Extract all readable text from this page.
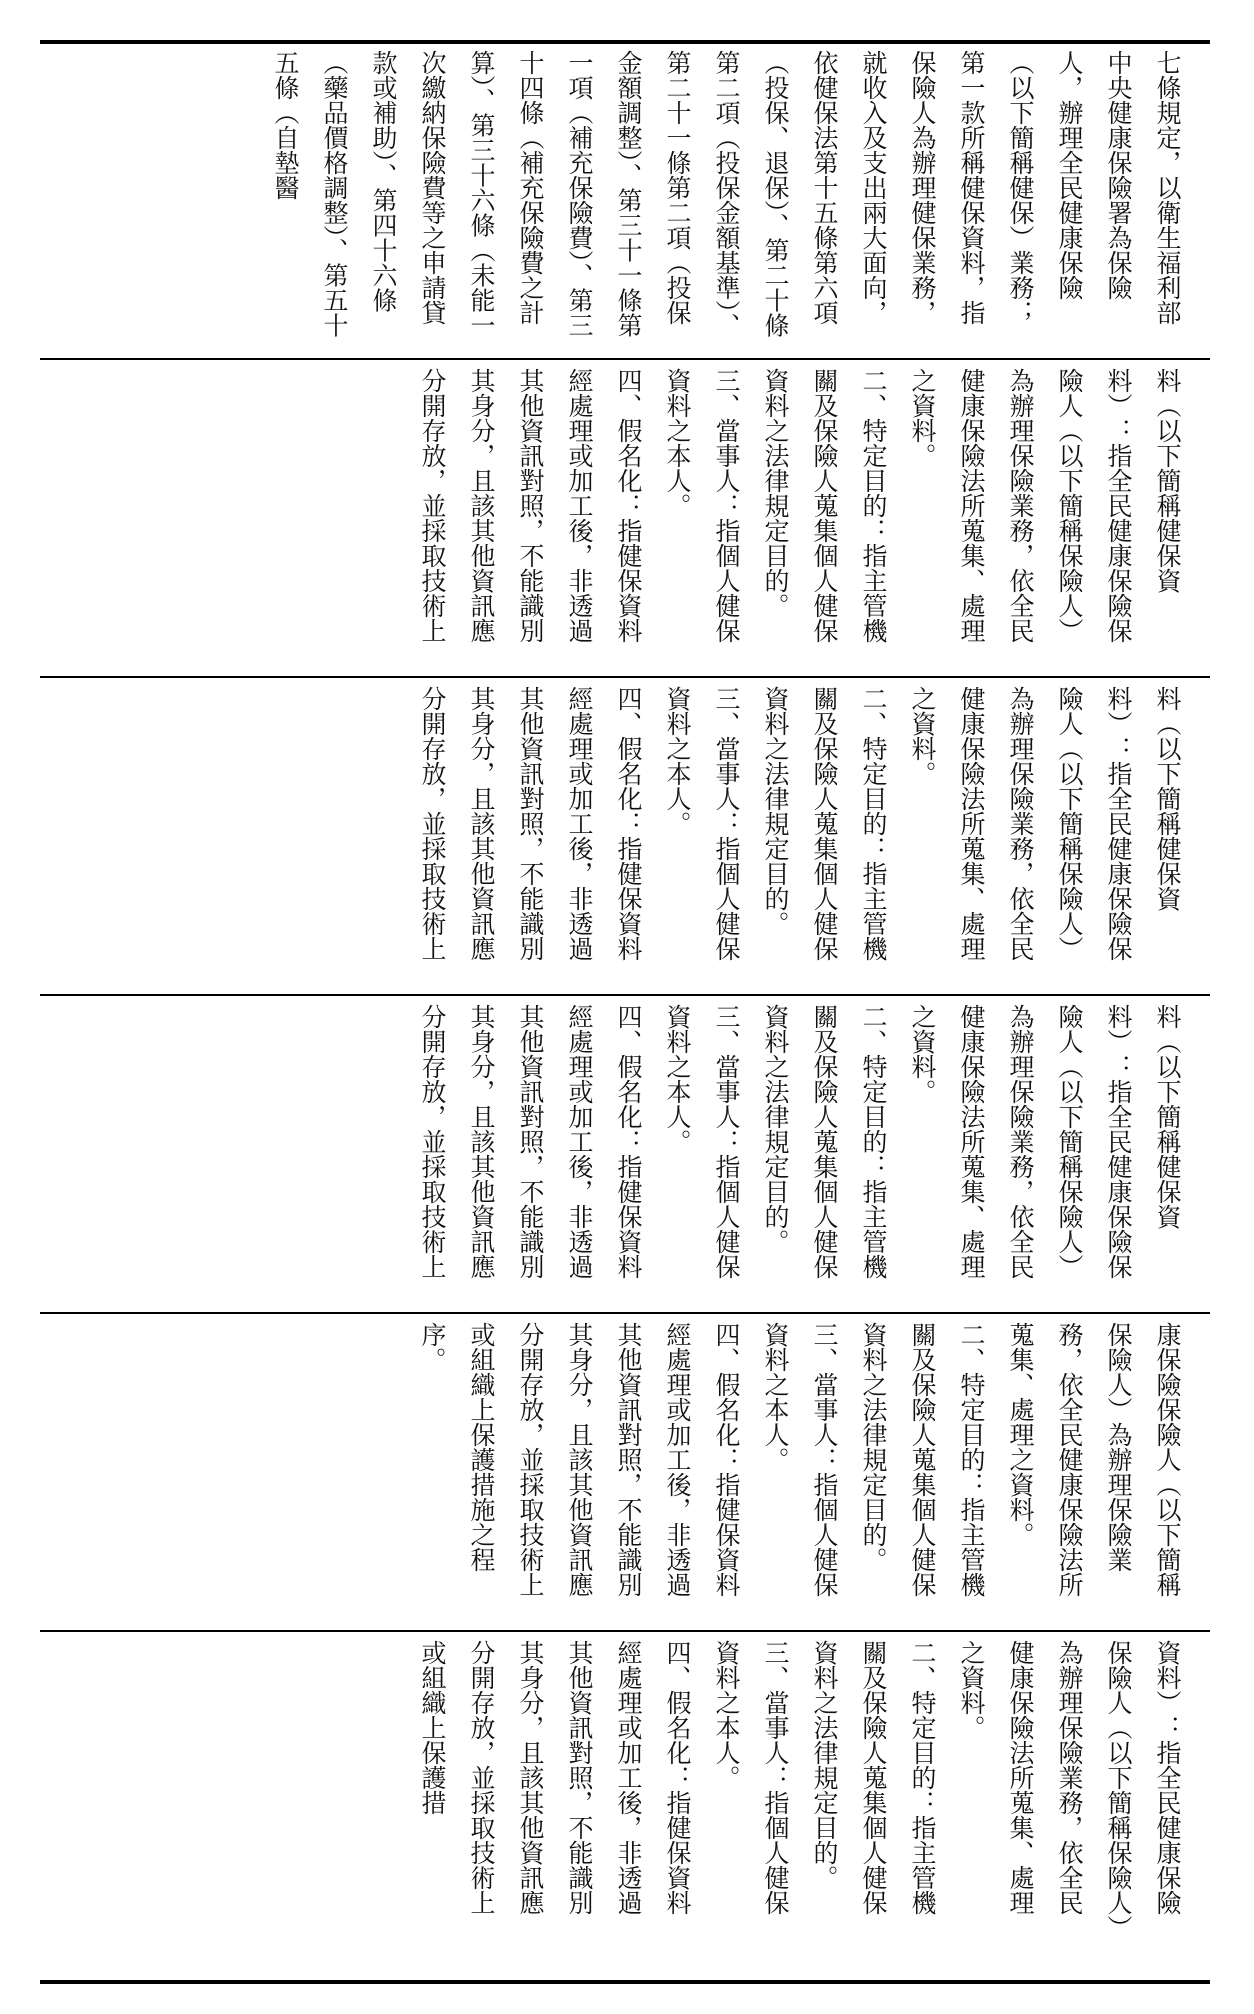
七條規定，以衛生福利部中央健康保險署為保險人，辦理全民健康保險（以下簡稱健保）業務；第一款所稱健保資料，指保險人為辦理健保業務，就收入及支出兩大面向，依健保法第十五條第六項（投保、退保）、第二十條第二項（投保金額基準）、第二十一條第二項（投保金額調整）、第三十一條第一項（補充保險費）、第三十四條（補充保險費之計算）、第三十六條（未能一次繳納保險費等之申請貸款或補助）、第四十六條（藥品價格調整）、第五十五條（自墊醫

料（以下簡稱健保資料）：指全民健康保險保險人（以下簡稱保險人）為辦理保險業務，依全民健康保險法所蒐集、處理之資料。

二、特定目的：指主管機關及保險人蒐集個人健保資料之法律規定目的。

三、當事人：指個人健保資料之本人。

四、假名化：指健保資料經處理或加工後，非透過其他資訊對照，不能識別其身分，且該其他資訊應分開存放，並採取技術上

料（以下簡稱健保資料）：指全民健康保險保險人（以下簡稱保險人）為辦理保險業務，依全民健康保險法所蒐集、處理之資料。

二、特定目的：指主管機關及保險人蒐集個人健保資料之法律規定目的。

三、當事人：指個人健保資料之本人。

四、假名化：指健保資料經處理或加工後，非透過其他資訊對照，不能識別其身分，且該其他資訊應分開存放，並採取技術上

料（以下簡稱健保資料）：指全民健康保險保險人（以下簡稱保險人）為辦理保險業務，依全民健康保險法所蒐集、處理之資料。

二、特定目的：指主管機關及保險人蒐集個人健保資料之法律規定目的。

三、當事人：指個人健保資料之本人。

四、假名化：指健保資料經處理或加工後，非透過其他資訊對照，不能識別其身分，且該其他資訊應分開存放，並採取技術上

康保險保險人（以下簡稱保險人）為辦理保險業務，依全民健康保險法所蒐集、處理之資料。

二、特定目的：指主管機關及保險人蒐集個人健保資料之法律規定目的。

三、當事人：指個人健保資料之本人。

四、假名化：指健保資料經處理或加工後，非透過其他資訊對照，不能識別其身分，且該其他資訊應分開存放，並採取技術上或組織上保護措施之程序。

資料）：指全民健康保險保險人（以下簡稱保險人）為辦理保險業務，依全民健康保險法所蒐集、處理之資料。

二、特定目的：指主管機關及保險人蒐集個人健保資料之法律規定目的。

三、當事人：指個人健保資料之本人。

四、假名化：指健保資料經處理或加工後，非透過其他資訊對照，不能識別其身分，且該其他資訊應分開存放，並採取技術上或組織上保護措
